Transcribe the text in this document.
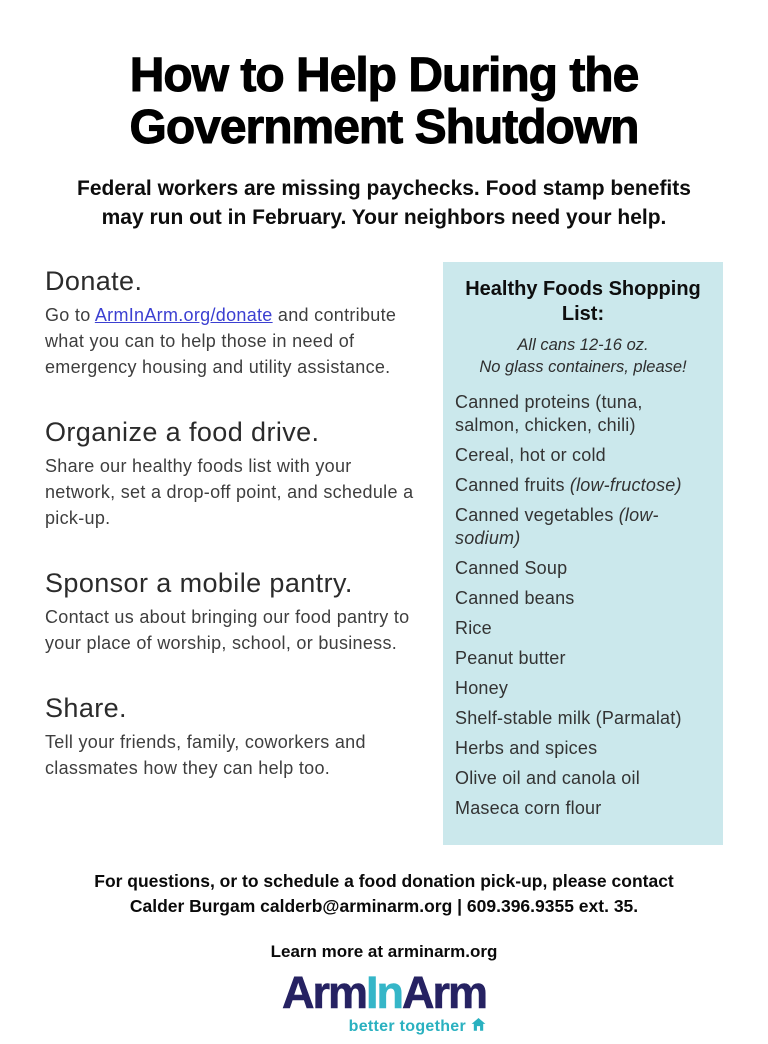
How to Help During the
Government Shutdown
Federal workers are missing paychecks. Food stamp benefits
may run out in February. Your neighbors need your help.
Donate.

Go to ArmInArm.org/donate and contribute what you can to help those in need of emergency housing and utility assistance.

Organize a food drive.

Share our healthy foods list with your network, set a drop-off point, and schedule a pick-up.

Sponsor a mobile pantry.

Contact us about bringing our food pantry to your place of worship, school, or business.

Share.

Tell your friends, family, coworkers and classmates how they can help too.

Healthy Foods Shopping List:
All cans 12-16 oz.
No glass containers, please!
Canned proteins (tuna, salmon, chicken, chili)
Cereal, hot or cold
Canned fruits (low-fructose)
Canned vegetables (low-sodium)
Canned Soup
Canned beans
Rice
Peanut butter
Honey
Shelf-stable milk (Parmalat)
Herbs and spices
Olive oil and canola oil
Maseca corn flour
For questions, or to schedule a food donation pick-up, please contact
Calder Burgam calderb@arminarm.org | 609.396.9355 ext. 35.
Learn more at arminarm.org
ArmInArm
better together
